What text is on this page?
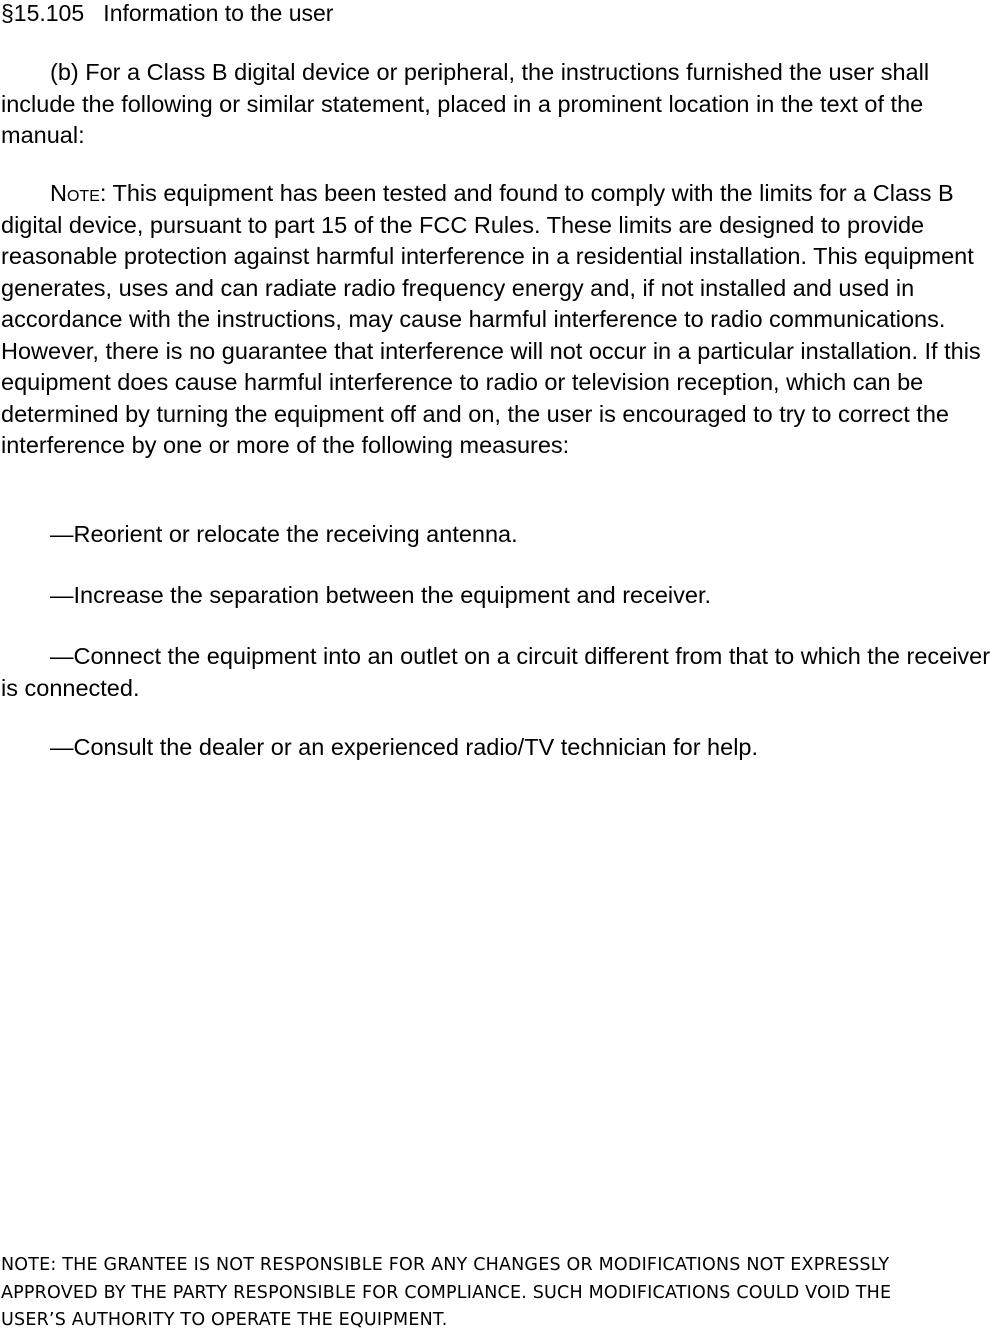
§15.105   Information to the user

(b) For a Class B digital device or peripheral, the instructions furnished the user shall include the following or similar statement, placed in a prominent location in the text of the manual:

Note: This equipment has been tested and found to comply with the limits for a Class B digital device, pursuant to part 15 of the FCC Rules. These limits are designed to provide reasonable protection against harmful interference in a residential installation. This equipment generates, uses and can radiate radio frequency energy and, if not installed and used in accordance with the instructions, may cause harmful interference to radio communications. However, there is no guarantee that interference will not occur in a particular installation. If this equipment does cause harmful interference to radio or television reception, which can be determined by turning the equipment off and on, the user is encouraged to try to correct the interference by one or more of the following measures:

—Reorient or relocate the receiving antenna.

—Increase the separation between the equipment and receiver.

—Connect the equipment into an outlet on a circuit different from that to which the receiver is connected.

—Consult the dealer or an experienced radio/TV technician for help.

NOTE: THE GRANTEE IS NOT RESPONSIBLE FOR ANY CHANGES OR MODIFICATIONS NOT EXPRESSLY APPROVED BY THE PARTY RESPONSIBLE FOR COMPLIANCE. SUCH MODIFICATIONS COULD VOID THE USER’S AUTHORITY TO OPERATE THE EQUIPMENT.
